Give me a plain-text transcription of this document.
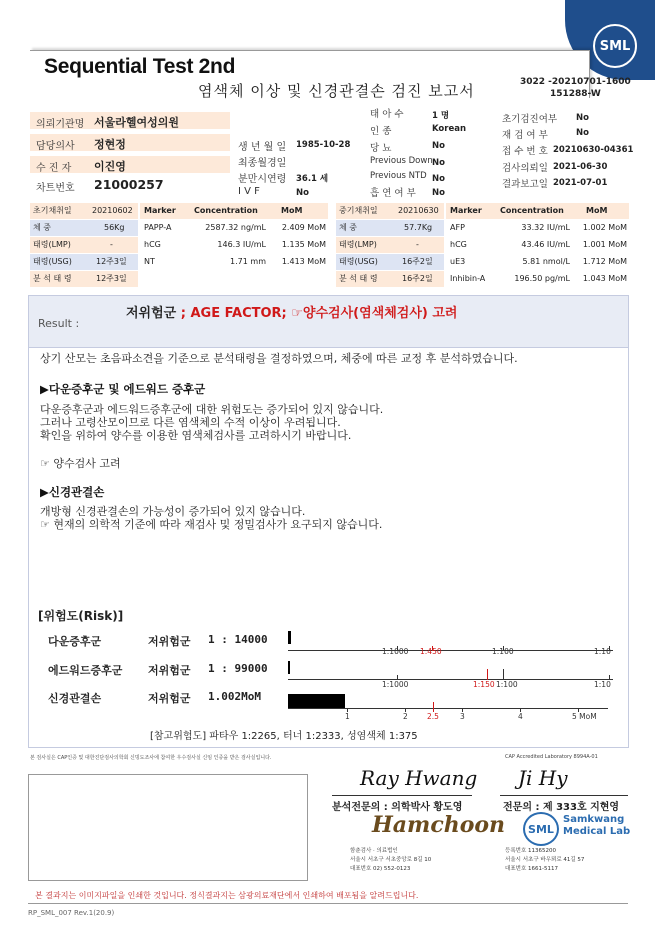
SML
Sequential Test 2nd
염색체 이상 및 신경관결손 검진 보고서	3022 -20210701-1600
151288-W
의뢰기관명 서울라헬여성의원
담당의사 정현정
수 진 자 이진영
차트번호 21000257
생 년 월 일 1985-10-28
최종월경일
분만시연령 36.1 세
I V F	No
태 아 수	1 명
인 종	Korean
당 뇨	No
Previous Down No
Previous NTD No
흡 연 여 부 No
초기검진여부 No
재 검 여 부	No
접 수 번 호 20210630-04361
검사의뢰일 2021-06-30
결과보고일 2021-07-01
초기채취일	20210602
체 중	56Kg
태령(LMP)	-
태령(USG)	12주3일
분 석 태 령	12주3일
Marker Concentration	MoM
PAPP-A	2587.32 ng/mL	2.409 MoM
hCG	146.3 IU/mL	1.135 MoM
NT	1.71 mm	1.413 MoM
중기채취일	20210630
체 중	57.7Kg
태령(LMP)	-
태령(USG)	16주2일
분 석 태 령	16주2일
Marker Concentration	MoM
AFP	33.32 IU/mL	1.002 MoM
hCG	43.46 IU/mL	1.001 MoM
uE3	5.81 nmol/L	1.712 MoM
Inhibin-A	196.50 pg/mL	1.043 MoM
Result :
저위험군 ; AGE FACTOR; ☞양수검사(염색체검사) 고려
상기 산모는 초음파소견을 기준으로 분석태령을 결정하였으며, 체중에 따른 교정 후 분석하였습니다.
▶다운증후군 및 에드워드 증후군
다운증후군과 에드워드증후군에 대한 위험도는 증가되어 있지 않습니다.
그러나 고령산모이므로 다른 염색체의 수적 이상이 우려됩니다.
확인을 위하여 양수를 이용한 염색체검사를 고려하시기 바랍니다.
☞ 양수검사 고려
▶신경관결손
개방형 신경관결손의 가능성이 증가되어 있지 않습니다.
☞ 현재의 의학적 기준에 따라 재검사 및 정밀검사가 요구되지 않습니다.
[위험도(Risk)]
다운증후군	저위험군 1 : 14000
1:1000 1:450	1:100	1:10
에드워드증후군 저위험군 1 : 99000
1:1000	1:150 1:100	1:10
신경관결손	저위험군 1.002MoM
1	2	2.5	3	4	5 MoM
[참고위험도] 파타우 1:2265, 터너 1:2333, 성염색체 1:375
본 검사실은 CAP인증 및 대한진단검사의학회 신빙도조사에 참여한 우수검사실 신임 인증을 받은 검사실입니다.	CAP Accredited Laboratory 8994A-01
Ray Hwang Ji Hy
분석전문의 : 의학박사 황도영	전문의 : 제 333호 지현영
Hamchoon
함춘검사 · 의료법인
서울시 서초구 서초중앙로 8길 10
대표번호 02) 552-0123
SML
Samkwang
Medical Lab
등록번호 11365200
서울시 서초구 바우뫼로 41길 57
대표번호 1661-5117
본 결과지는 이미지파일을 인쇄한 것입니다. 정식결과지는 삼광의료재단에서 인쇄하여 배포됨을 알려드립니다.
RP_SML_007 Rev.1(20.9)
